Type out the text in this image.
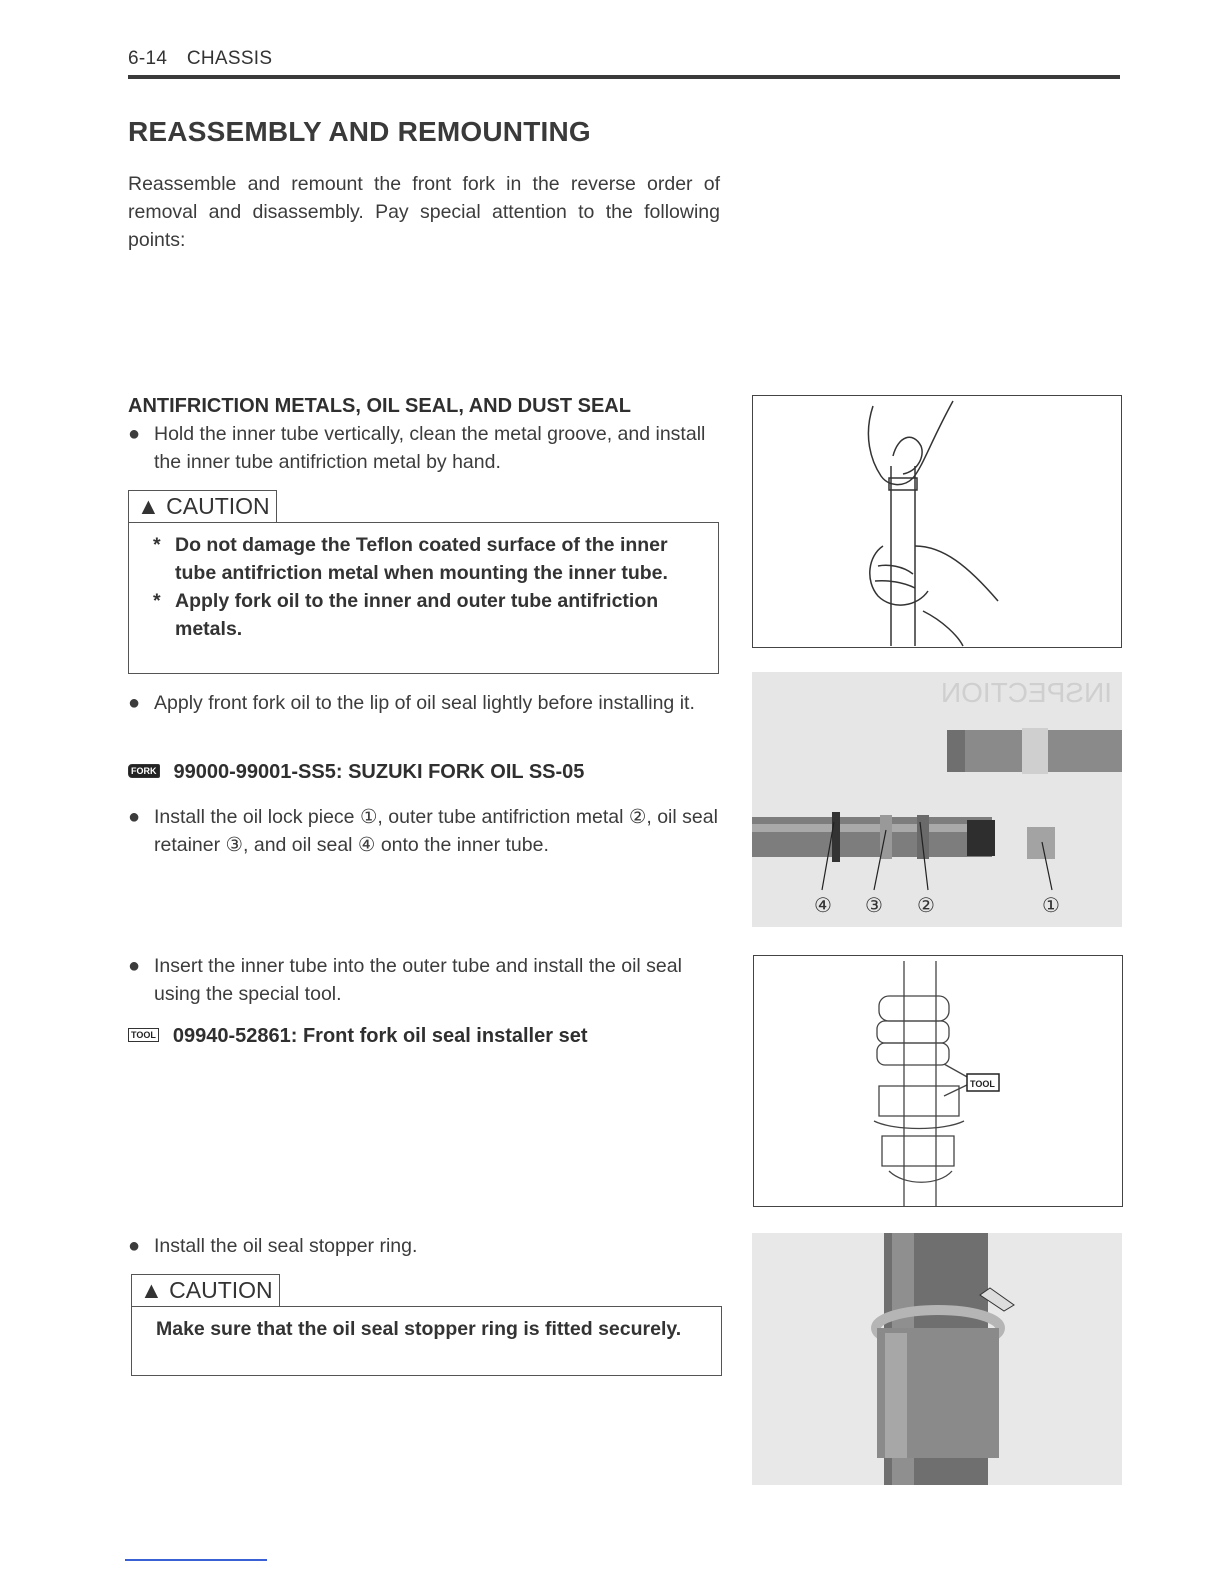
6-14 CHASSIS
REASSEMBLY AND REMOUNTING
Reassemble and remount the front fork in the reverse order of removal and disassembly. Pay special attention to the following points:
ANTIFRICTION METALS, OIL SEAL, AND DUST SEAL
● Hold the inner tube vertically, clean the metal groove, and install the inner tube antifriction metal by hand.
▲ CAUTION
* Do not damage the Teflon coated surface of the inner tube antifriction metal when mounting the inner tube.
* Apply fork oil to the inner and outer tube antifriction metals.
● Apply front fork oil to the lip of oil seal lightly before installing it.
FORK 99000-99001-SS5: SUZUKI FORK OIL SS-05
● Install the oil lock piece ①, outer tube antifriction metal ②, oil seal retainer ③, and oil seal ④ onto the inner tube.
● Insert the inner tube into the outer tube and install the oil seal using the special tool.
TOOL 09940-52861: Front fork oil seal installer set
● Install the oil seal stopper ring.
▲ CAUTION
Make sure that the oil seal stopper ring is fitted securely.
INSPECTION
④ ③ ②	①
TOOL
